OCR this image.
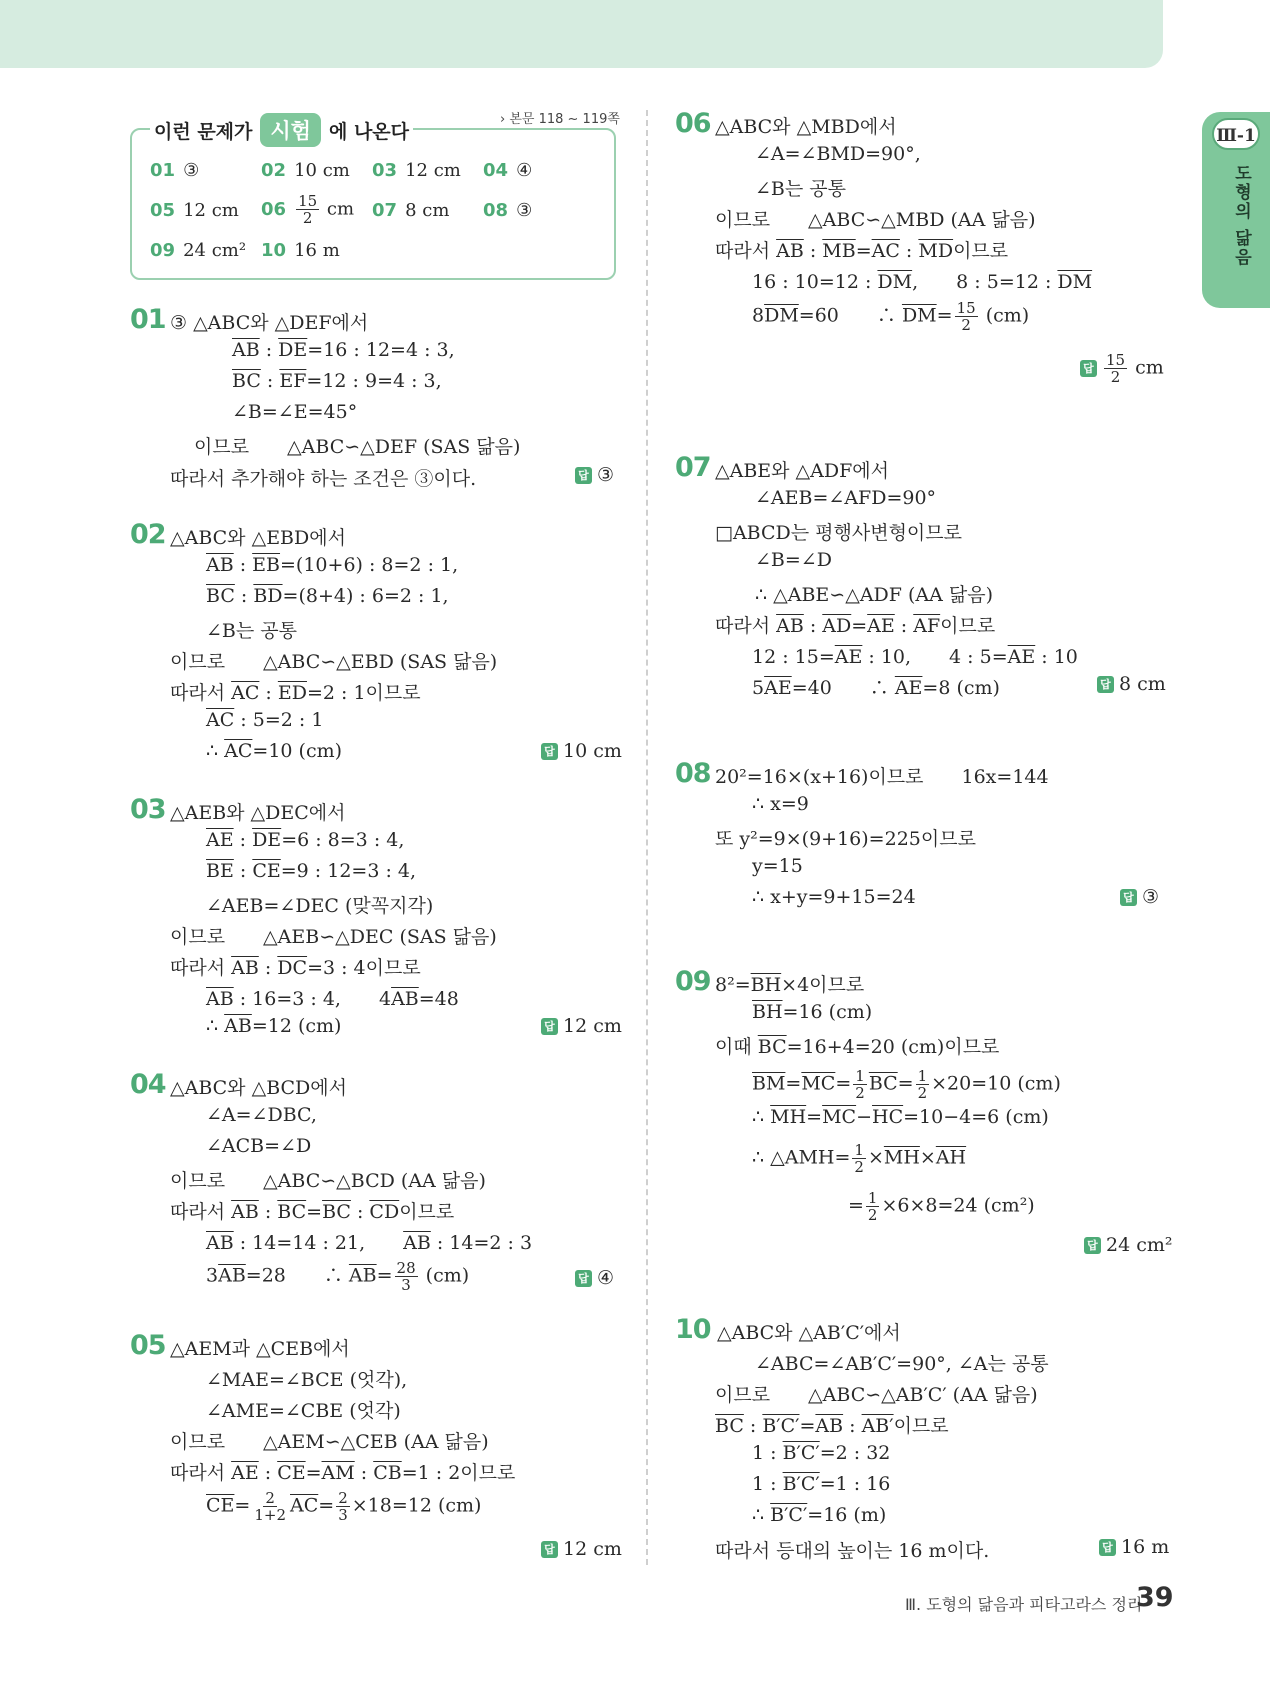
Ⅲ-1
도형의 닮음
이런 문제가 시험 에 나온다
› 본문 118 ~ 119쪽
01 ③	02 10 cm 03 12 cm 04 ④
05 12 cm $06 \frac{15}{2}$ cm 07 8 cm 08 ③
09 24 cm² 10 16 m
01 ③ △ABC와 △DEF에서
$\overline{AB}$ : $\overline{DE}=16$ : 12=4 : 3,
$\overline{BC}$ : $\overline{EF}=12$ : 9=4 : 3,
∠B=∠E=45°
이므로　　△ABC∽△DEF (SAS 닮음)
따라서 추가해야 하는 조건은 ③이다.	답 ③
02 △ABC와 △EBD에서
$\overline{AB}$ : $\overline{EB}=(10+6)$ : 8=2 : 1,
$\overline{BC}$ : $\overline{BD}=(8+4)$ : 6=2 : 1,
∠B는 공통
이므로　　△ABC∽△EBD (SAS 닮음)
따라서 $\overline{AC}$ : $\overline{ED}=2$ : 1이므로
$\overline{AC}$ : 5=2 : 1
∴ $\overline{AC}=10$ (cm)	답 10 cm
03 △AEB와 △DEC에서
$\overline{AE}$ : $\overline{DE}=6$ : 8=3 : 4,
$\overline{BE}$ : $\overline{CE}=9$ : 12=3 : 4,
∠AEB=∠DEC (맞꼭지각)
이므로　　△AEB∽△DEC (SAS 닮음)
따라서 $\overline{AB}$ : $\overline{DC}=3$ : 4이므로
$\overline{AB}$ : 16=3 : 4,　　$4\overline{AB}=48$
∴ $\overline{AB}=12$ (cm)	답 12 cm
04 △ABC와 △BCD에서
∠A=∠DBC,
∠ACB=∠D
이므로　　△ABC∽△BCD (AA 닮음)
따라서 $\overline{AB}$ : $\overline{BC}=\overline{BC}$ : $\overline{CD}$이므로
$\overline{AB}$ : 14=14 : 21,　　$\overline{AB}$ : 14=2 : 3
$3\overline{AB}=28$　　∴ $\overline{AB}= \frac{28}{3} (cm)$	답 ④
05 △AEM과 △CEB에서
∠MAE=∠BCE (엇각),
∠AME=∠CBE (엇각)
이므로　　△AEM∽△CEB (AA 닮음)
따라서 $\overline{AE}$ : $\overline{CE}=\overline{AM}$ : $\overline{CB}=1$ : 2이므로
$\overline{CE}= \frac{2}{1+2} \overline{AC}= \frac{2}{3} \times 18=12$ (cm)
답 12 cm
06 △ABC와 △MBD에서
∠A=∠BMD=90°,
∠B는 공통
이므로　　△ABC∽△MBD (AA 닮음)
따라서 $\overline{AB}$ : $\overline{MB}=\overline{AC}$ : $\overline{MD}$이므로
16 : 10=12 : $\overline{DM}$,　　8 : 5=12 : $\overline{DM}$
$8\overline{DM}=60$　　∴ $\overline{DM}= \frac{15}{2} (cm)$
답 $\frac{15}{2}$ cm
07 △ABE와 △ADF에서
∠AEB=∠AFD=90°
□ABCD는 평행사변형이므로
∠B=∠D
∴ △ABE∽△ADF (AA 닮음)
따라서 $\overline{AB}$ : $\overline{AD}=\overline{AE}$ : $\overline{AF}$이므로
12 : $15=\overline{AE}$ : 10,　　4 : $5=\overline{AE}$ : 10
$5\overline{AE}=40$　　∴ $\overline{AE}=8$ (cm)	답 8 cm
08 20²=16×(x+16)이므로　　16x=144
∴ x=9
또 y²=9×(9+16)=225이므로
y=15
∴ x+y=9+15=24	답 ③
09 $8^2=\overline{BH}\times 4$이므로
$\overline{BH}=16$ (cm)
이때 $\overline{BC}=16+4=20$ (cm)이므로
$\overline{BM}=\overline{MC}= \frac{1}{2} \overline{BC}= \frac{1}{2} \times 20=10$ (cm)
∴ $\overline{MH}=\overline{MC}-\overline{HC}=10-4=6$ (cm)
∴ △AMH= $\frac{1}{2} \times\overline{MH}\times\overline{AH}$
= $\frac{1}{2} \times 6\times 8=24$ (cm²)
답 24 cm²
10 △ABC와 △AB′C′에서
∠ABC=∠AB′C′=90°, ∠A는 공통
이므로　　△ABC∽△AB′C′ (AA 닮음)
$\overline{BC}$ : $B'C'=\overline{AB}$ : AB′이므로
1 : B′C′=2 : 32
1 : B′C′=1 : 16
∴ B′C′=16 (m)
따라서 등대의 높이는 16 m이다.	답 16 m
Ⅲ. 도형의 닮음과 피타고라스 정리
39
